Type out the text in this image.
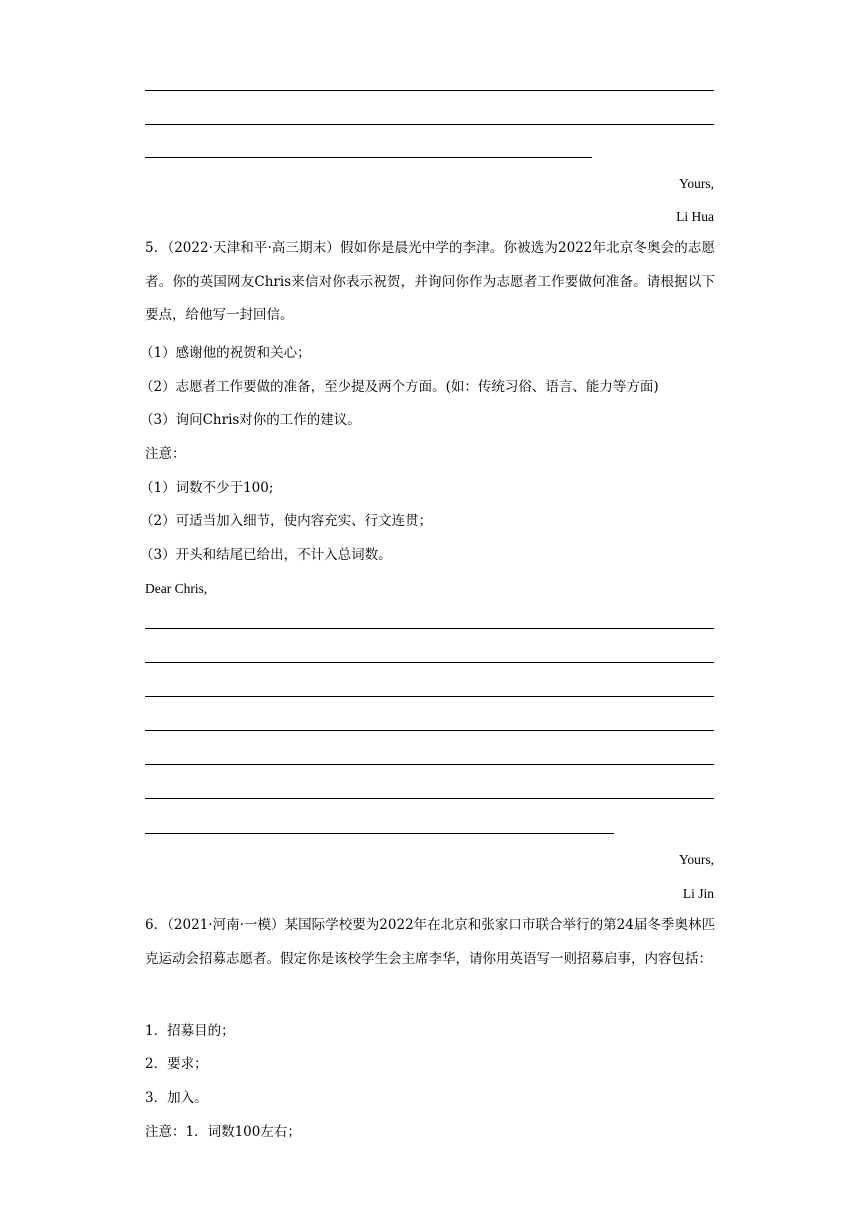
Yours,
Li Hua
5．（2022·天津和平·高三期末）假如你是晨光中学的李津。你被选为2022年北京冬奥会的志愿者。你的英国网友Chris来信对你表示祝贺，并询问你作为志愿者工作要做何准备。请根据以下要点，给他写一封回信。
（1）感谢他的祝贺和关心；
（2）志愿者工作要做的准备，至少提及两个方面。(如：传统习俗、语言、能力等方面)
（3）询问Chris对你的工作的建议。
注意：
（1）词数不少于100;
（2）可适当加入细节，使内容充实、行文连贯；
（3）开头和结尾已给出，不计入总词数。
Dear Chris,
Yours,
Li Jin
6．（2021·河南·一模）某国际学校要为2022年在北京和张家口市联合举行的第24届冬季奥林匹克运动会招募志愿者。假定你是该校学生会主席李华，请你用英语写一则招募启事，内容包括：
1．招募目的；
2．要求；
3．加入。
注意：1．词数100左右；
